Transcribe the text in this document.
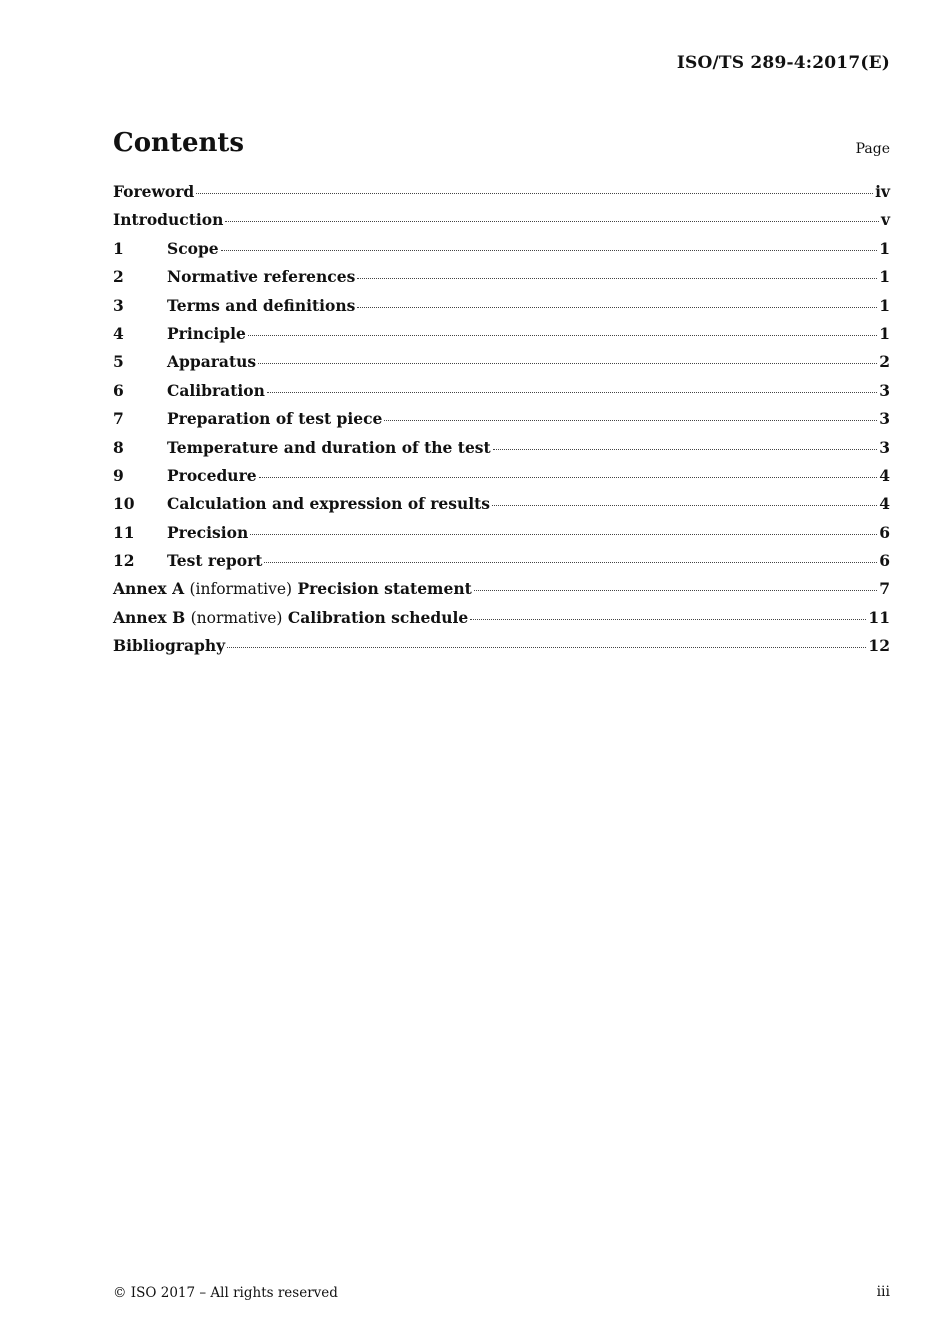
ISO/TS 289-4:2017(E)
Contents	Page
Foreword	iv
Introduction	v
1	Scope	1
2	Normative references	1
3	Terms and definitions	1
4	Principle	1
5	Apparatus	2
6	Calibration	3
7	Preparation of test piece	3
8	Temperature and duration of the test	3
9	Procedure	4
10	Calculation and expression of results	4
11	Precision	6
12	Test report	6
Annex A (informative) Precision statement	7
Annex B (normative) Calibration schedule	11
Bibliography	12
© ISO 2017 – All rights reserved	iii
